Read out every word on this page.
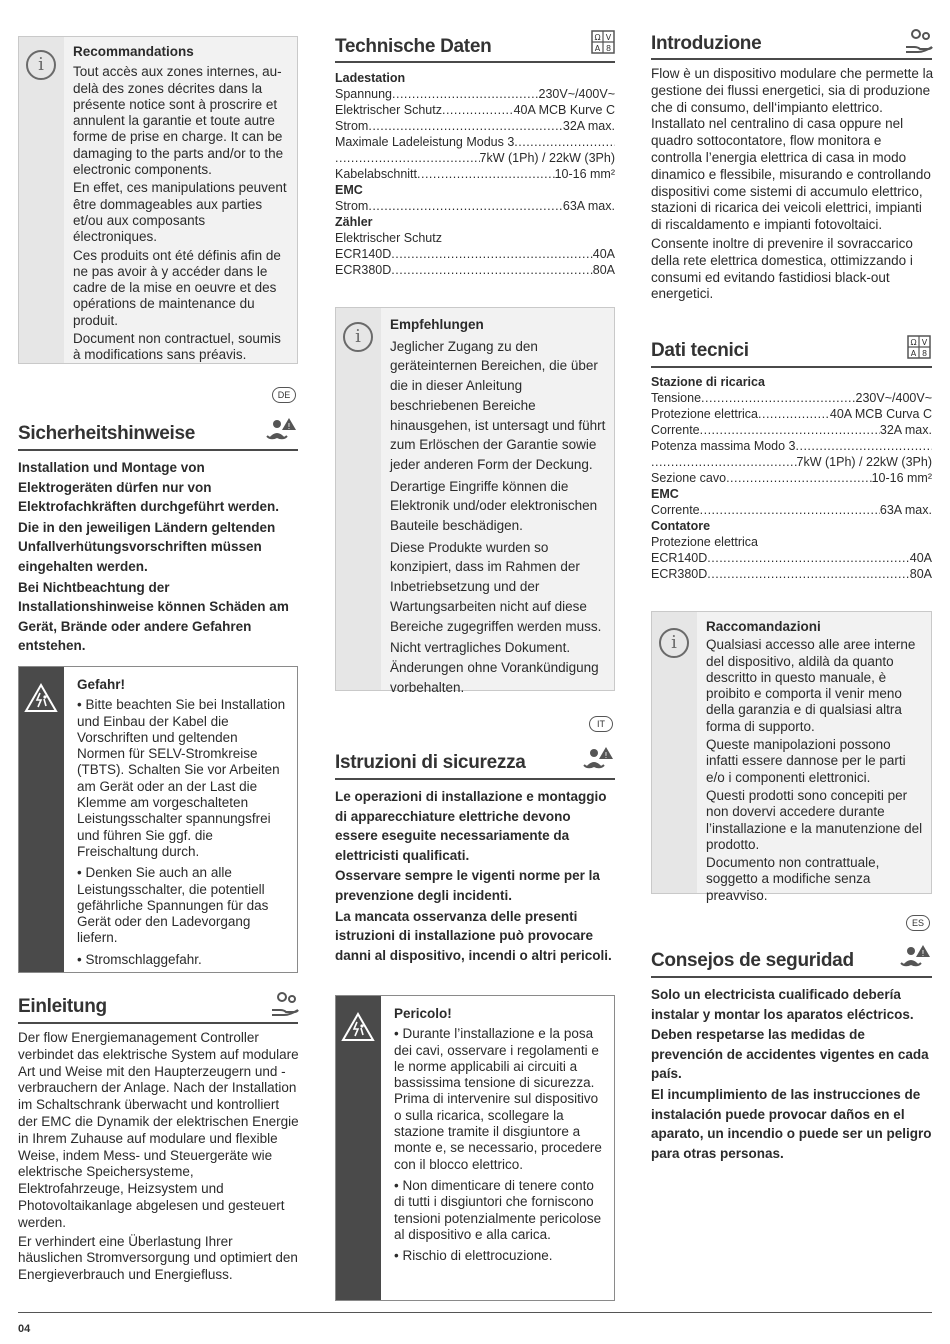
i
Recommandations

Tout accès aux zones internes, au-delà des zones décrites dans la présente notice sont à proscrire et annulent la garantie et toute autre forme de prise en charge. It can be damaging to the parts and/or to the electronic components.

En effet, ces manipulations peuvent être dommageables aux parties et/ou aux composants électroniques.

Ces produits ont été définis afin de ne pas avoir à y accéder dans le cadre de la mise en oeuvre et des opérations de maintenance du produit.

Document non contractuel, soumis à modifications sans préavis.

DE
Sicherheitshinweise	!

Installation und Montage von Elektrogeräten dürfen nur von Elektrofachkräften durchgeführt werden.

Die in den jeweiligen Ländern geltenden Unfallverhütungsvorschriften müssen eingehalten werden.

Bei Nichtbeachtung der Installationshinweise können Schäden am Gerät, Brände oder andere Gefahren entstehen.

Gefahr!

• Bitte beachten Sie bei Installation und Einbau der Kabel die Vorschriften und geltenden Normen für SELV-Stromkreise (TBTS). Schalten Sie vor Arbeiten am Gerät oder an der Last die Klemme am vorgeschalteten Leistungsschalter spannungsfrei und führen Sie ggf. die Freischaltung durch.

• Denken Sie auch an alle Leistungsschalter, die potentiell gefährliche Spannungen für das Gerät oder den Ladevorgang liefern.

• Stromschlaggefahr.

Einleitung

Der flow Energiemanagement Controller verbindet das elektrische System auf modulare Art und Weise mit den Haupterzeugern und -verbrauchern der Anlage. Nach der Installation im Schaltschrank überwacht und kontrolliert der EMC die Dynamik der elektrischen Energie in Ihrem Zuhause auf modulare und flexible Weise, indem Mess- und Steuergeräte wie elektrische Speichersysteme, Elektrofahrzeuge, Heizsystem und Photovoltaikanlage abgelesen und gesteuert werden.

Er verhindert eine Überlastung Ihrer häuslichen Stromversorgung und optimiert den Energieverbrauch und Energiefluss.

Technische Daten	Ω V
A 8
Ladestation
Spannung .....	230V~/400V~
Elektrischer Schutz .....	40A MCB Kurve C
Strom .....	32A max.
Maximale Ladeleistung Modus 3
.....
.....
7kW (1Ph) / 22kW (3Ph)
Kabelabschnitt .....	10-16 mm²
EMC
Strom .....	63A max.
Zähler
Elektrischer Schutz
ECR140D .....	40A
ECR380D .....	80A
i
Empfehlungen

Jeglicher Zugang zu den geräteinternen Bereichen, die über die in dieser Anleitung beschriebenen Bereiche hinausgehen, ist untersagt und führt zum Erlöschen der Garantie sowie jeder anderen Form der Deckung.

Derartige Eingriffe können die Elektronik und/oder elektronischen Bauteile beschädigen.

Diese Produkte wurden so konzipiert, dass im Rahmen der Inbetriebsetzung und der Wartungsarbeiten nicht auf diese Bereiche zugegriffen werden muss.

Nicht vertragliches Dokument. Änderungen ohne Vorankündigung vorbehalten.

IT
Istruzioni di sicurezza	!

Le operazioni di installazione e montaggio di apparecchiature elettriche devono essere eseguite necessariamente da elettricisti qualificati.

Osservare sempre le vigenti norme per la prevenzione degli incidenti.

La mancata osservanza delle presenti istruzioni di installazione può provocare danni al dispositivo, incendi o altri pericoli.

Pericolo!

• Durante l’installazione e la posa dei cavi, osservare i regolamenti e le norme applicabili ai circuiti a bassissima tensione di sicurezza. Prima di intervenire sul dispositivo o sulla ricarica, scollegare la stazione tramite il disgiuntore a monte e, se necessario, procedere con il blocco elettrico.

• Non dimenticare di tenere conto di tutti i disgiuntori che forniscono tensioni potenzialmente pericolose al dispositivo e alla carica.

• Rischio di elettrocuzione.

Introduzione

Flow è un dispositivo modulare che permette la gestione dei flussi energetici, sia di produzione che di consumo, dell‘impianto elettrico. Installato nel centralino di casa oppure nel quadro sottocontatore, flow monitora e controlla l’energia elettrica di casa in modo dinamico e flessibile, misurando e controllando dispositivi come sistemi di accumulo elettrico, stazioni di ricarica dei veicoli elettrici, impianti di riscaldamento e impianti fotovoltaici.

Consente inoltre di prevenire il sovraccarico della rete elettrica domestica, ottimizzando i consumi ed evitando fastidiosi black-out energetici.

Dati tecnici	Ω V
A 8
Stazione di ricarica
Tensione .....	230V~/400V~
Protezione elettrica .....	40A MCB Curva C
Corrente .....	32A max.
Potenza massima Modo 3
.....
.....
7kW (1Ph) / 22kW (3Ph)
Sezione cavo .....	10-16 mm²
EMC
Corrente .....	63A max.
Contatore
Protezione elettrica
ECR140D .....	40A
ECR380D .....	80A
i
Raccomandazioni

Qualsiasi accesso alle aree interne del dispositivo, aldilà da quanto descritto in questo manuale, è proibito e comporta il venir meno della garanzia e di qualsiasi altra forma di supporto.

Queste manipolazioni possono infatti essere dannose per le parti e/o i componenti elettronici.

Questi prodotti sono concepiti per non dovervi accedere durante l’installazione e la manutenzione del prodotto.

Documento non contrattuale, soggetto a modifiche senza preavviso.

ES
Consejos de seguridad	!

Solo un electricista cualificado debería instalar y montar los aparatos eléctricos.

Deben respetarse las medidas de prevención de accidentes vigentes en cada país.

El incumplimiento de las instrucciones de instalación puede provocar daños en el aparato, un incendio o puede ser un peligro para otras personas.

04
